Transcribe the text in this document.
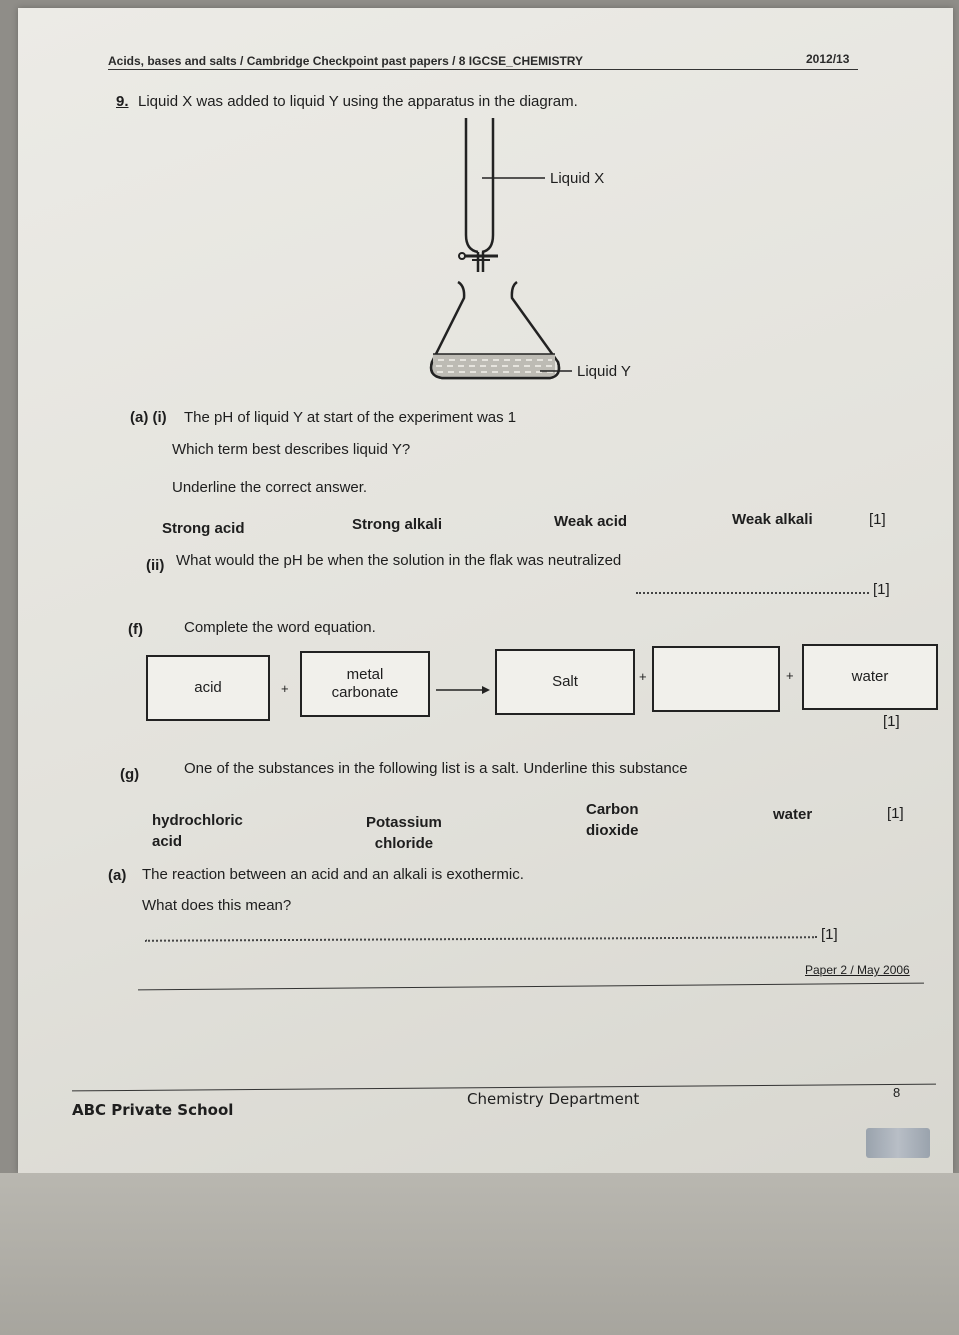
Acids, bases and salts / Cambridge Checkpoint past papers / 8 IGCSE_CHEMISTRY	2012/13
9. Liquid X was added to liquid Y using the apparatus in the diagram.
Liquid X
Liquid Y
(a) (i) The pH of liquid Y at start of the experiment was 1
Which term best describes liquid Y?
Underline the correct answer.
Strong acid	Strong alkali	Weak acid	Weak alkali	[1]
(ii) What would the pH be when the solution in the flak was neutralized
[1]
(f)	Complete the word equation.
acid	+
metal
carbonate
Salt	+	+	water
[1]
(g)	One of the substances in the following list is a salt. Underline this substance
hydrochloric
acid
Potassium
chloride
Carbon
dioxide
water	[1]
(a) The reaction between an acid and an alkali is exothermic.
What does this mean?
[1]
Paper 2 / May 2006
ABC Private School
Chemistry Department	8
